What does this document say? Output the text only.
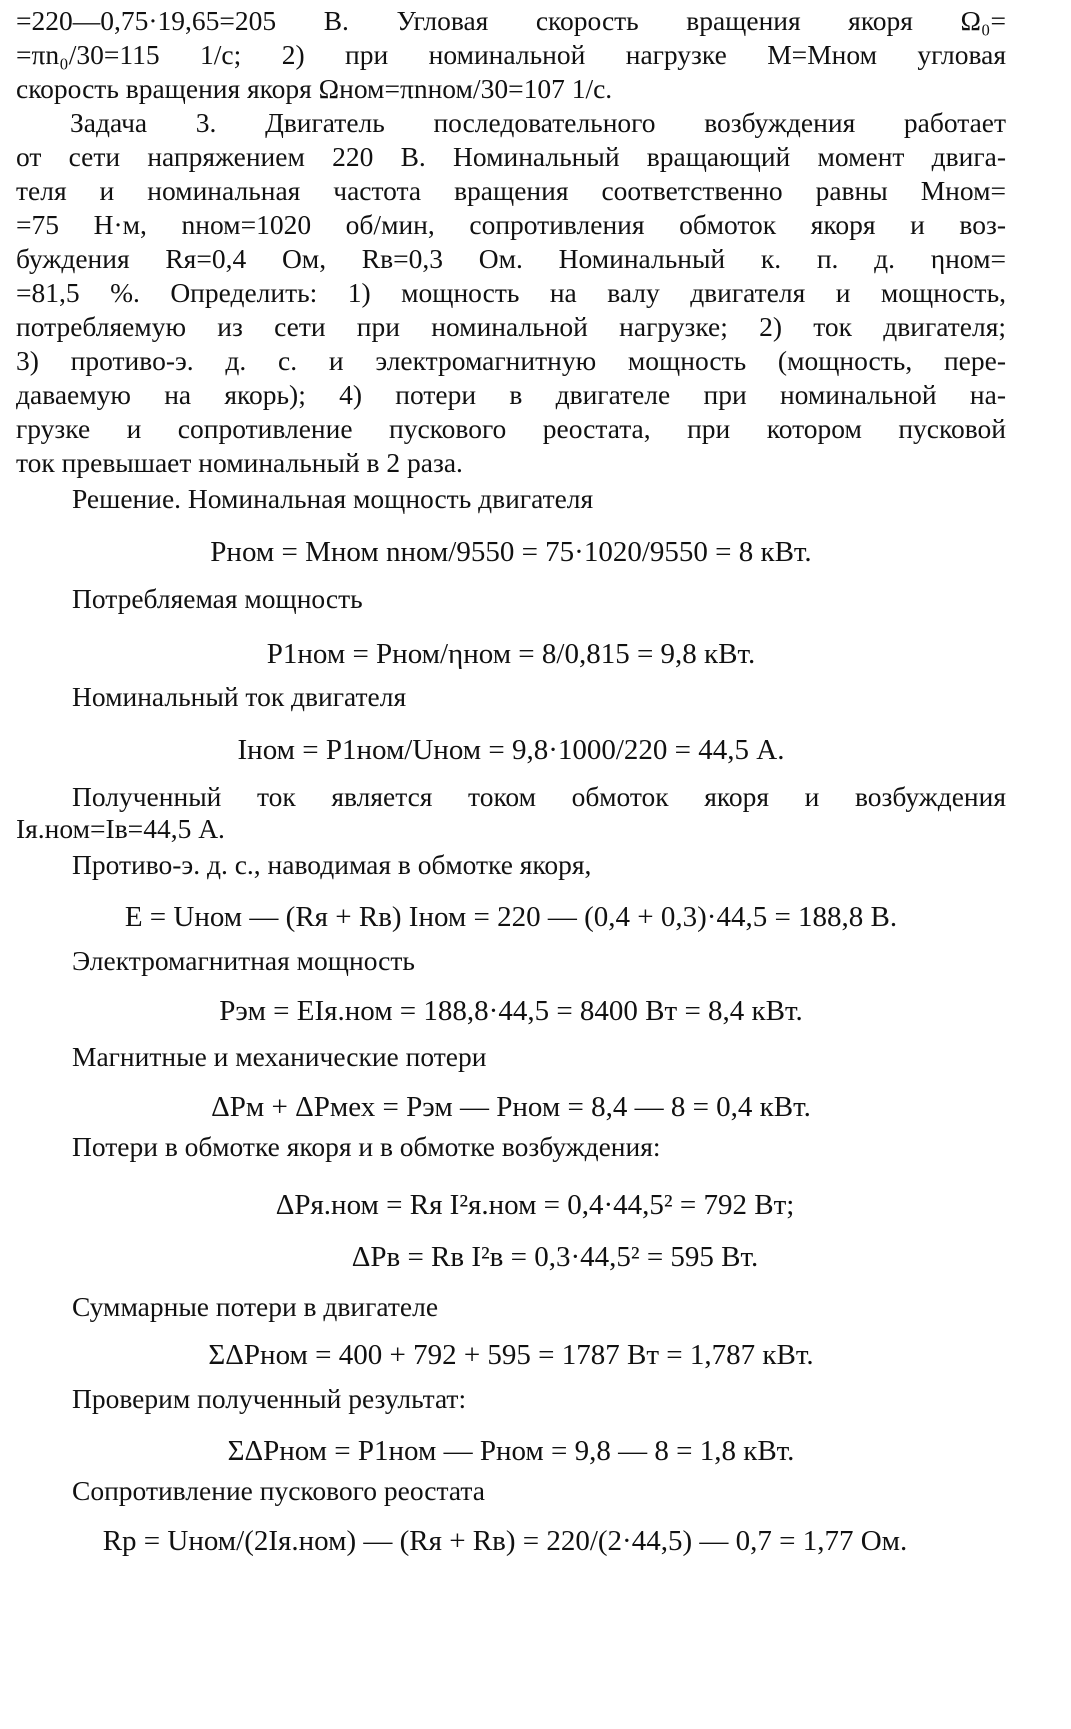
=220—0,75·19,65=205 В. Угловая скорость вращения якоря Ω₀=
=πn₀/30=115 1/с; 2) при номинальной нагрузке M=Mном угловая
скорость вращения якоря Ωном=πnном/30=107 1/с.
Задача 3. Двигатель последовательного возбуждения работает
от сети напряжением 220 В. Номинальный вращающий момент двига-
теля и номинальная частота вращения соответственно равны Mном=
=75 Н·м, nном=1020 об/мин, сопротивления обмоток якоря и воз-
буждения Rя=0,4 Ом, Rв=0,3 Ом. Номинальный к. п. д. ηном=
=81,5 %. Определить: 1) мощность на валу двигателя и мощность,
потребляемую из сети при номинальной нагрузке; 2) ток двигателя;
3) противо-э. д. с. и электромагнитную мощность (мощность, пере-
даваемую на якорь); 4) потери в двигателе при номинальной на-
грузке и сопротивление пускового реостата, при котором пусковой
ток превышает номинальный в 2 раза.
Решение. Номинальная мощность двигателя
Pном = Mном nном/9550 = 75·1020/9550 = 8 кВт.
Потребляемая мощность
P1ном = Pном/ηном = 8/0,815 = 9,8 кВт.
Номинальный ток двигателя
Iном = P1ном/Uном = 9,8·1000/220 = 44,5 А.
Полученный ток является током обмоток якоря и возбуждения
Iя.ном=Iв=44,5 А.
Противо-э. д. с., наводимая в обмотке якоря,
E = Uном — (Rя + Rв) Iном = 220 — (0,4 + 0,3)·44,5 = 188,8 В.
Электромагнитная мощность
Pэм = EIя.ном = 188,8·44,5 = 8400 Вт = 8,4 кВт.
Магнитные и механические потери
ΔPм + ΔPмех = Pэм — Pном = 8,4 — 8 = 0,4 кВт.
Потери в обмотке якоря и в обмотке возбуждения:
ΔPя.ном = Rя I²я.ном = 0,4·44,5² = 792 Вт;
ΔPв = Rв I²в = 0,3·44,5² = 595 Вт.
Суммарные потери в двигателе
ΣΔPном = 400 + 792 + 595 = 1787 Вт = 1,787 кВт.
Проверим полученный результат:
ΣΔPном = P1ном — Pном = 9,8 — 8 = 1,8 кВт.
Сопротивление пускового реостата
Rр = Uном/(2Iя.ном) — (Rя + Rв) = 220/(2·44,5) — 0,7 = 1,77 Ом.
